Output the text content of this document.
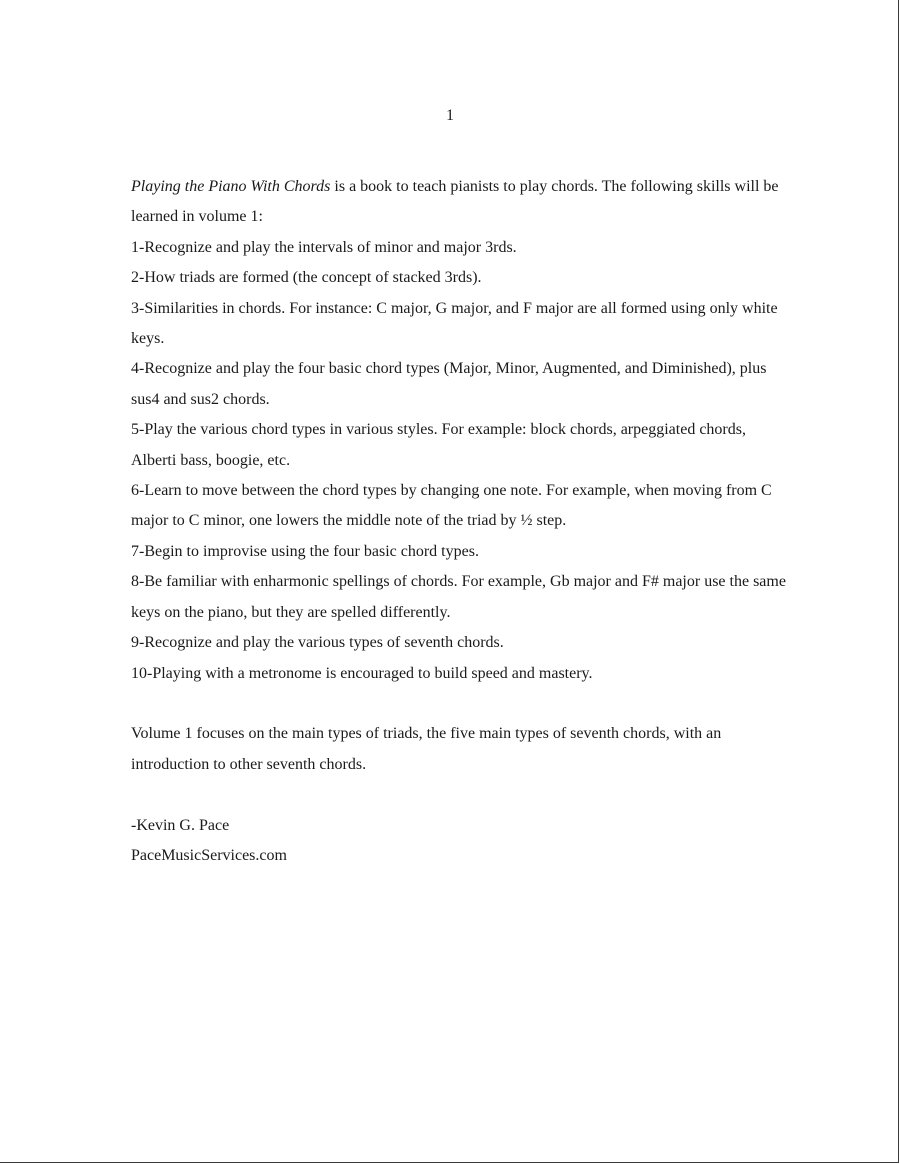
1

Playing the Piano With Chords is a book to teach pianists to play chords. The following skills will be learned in volume 1:

1-Recognize and play the intervals of minor and major 3rds.

2-How triads are formed (the concept of stacked 3rds).

3-Similarities in chords. For instance: C major, G major, and F major are all formed using only white keys.

4-Recognize and play the four basic chord types (Major, Minor, Augmented, and Diminished), plus sus4 and sus2 chords.

5-Play the various chord types in various styles. For example: block chords, arpeggiated chords, Alberti bass, boogie, etc.

6-Learn to move between the chord types by changing one note. For example, when moving from C major to C minor, one lowers the middle note of the triad by ½ step.

7-Begin to improvise using the four basic chord types.

8-Be familiar with enharmonic spellings of chords. For example, Gb major and F# major use the same keys on the piano, but they are spelled differently.

9-Recognize and play the various types of seventh chords.

10-Playing with a metronome is encouraged to build speed and mastery.

Volume 1 focuses on the main types of triads, the five main types of seventh chords, with an introduction to other seventh chords.

-Kevin G. Pace

PaceMusicServices.com
